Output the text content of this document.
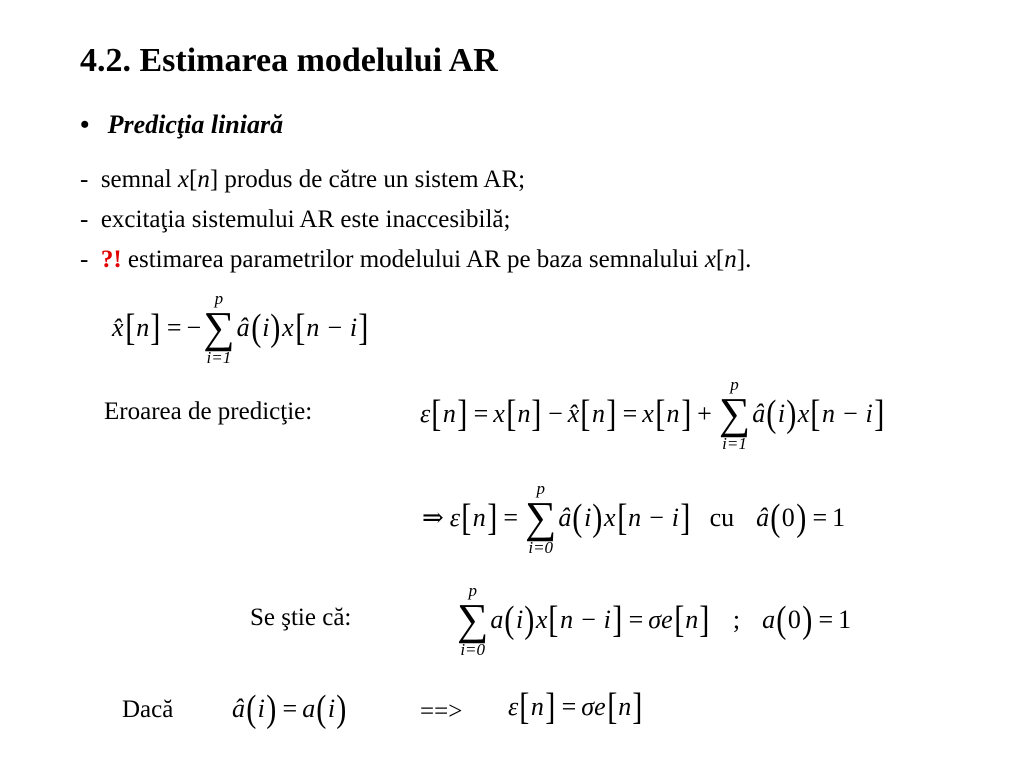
4.2. Estimarea modelului AR
• Predicţia liniară
- semnal x[n] produs de către un sistem AR;
- excitaţia sistemului AR este inaccesibilă;
- ?! estimarea parametrilor modelului AR pe baza semnalului x[n].
x̂ [ n ] = −
p
∑
i=1
â ( i ) x [ n − i ]
Eroarea de predicţie:	ε [ n ] = x [ n ] − x̂ [ n ] = x [ n ] +
p
∑
i=1
â ( i ) x [ n − i ]
⇒ ε [ n ] =
p
∑
i=0
â ( i ) x [ n − i ] cu â ( 0 ) = 1
Se ştie că:
p
∑
i=0
a ( i ) x [ n − i ] = σ e [ n ] ; a ( 0 ) = 1
Dacă â ( i ) = a ( i )	==> ε [ n ] = σ e [ n ]
